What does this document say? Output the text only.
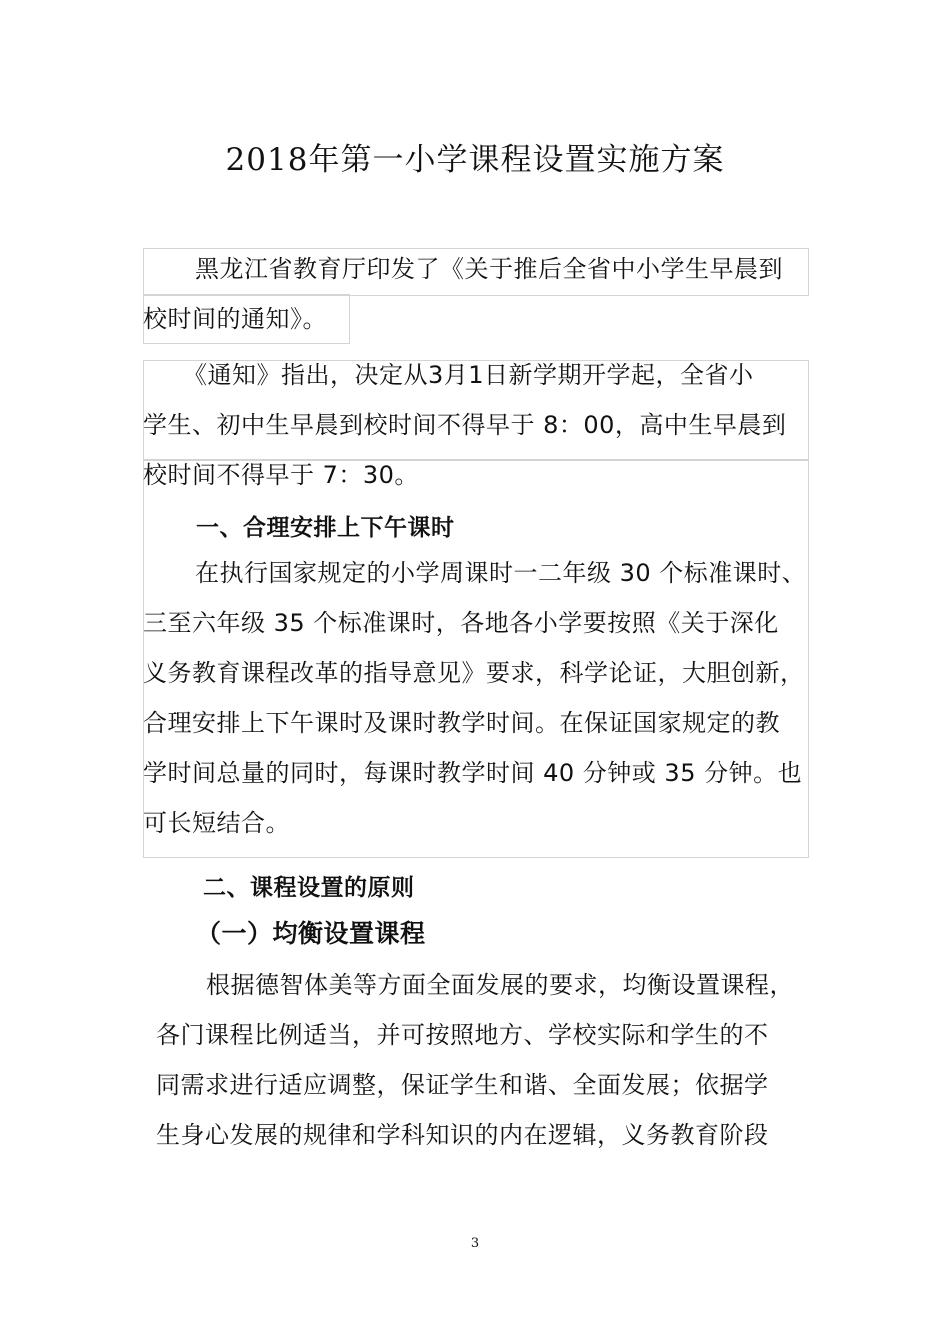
2018年第一小学课程设置实施方案
黑龙江省教育厅印发了《关于推后全省中小学生早晨到
校时间的通知》。
《通知》指出，决定从3月1日新学期开学起，全省小
学生、初中生早晨到校时间不得早于 8：00，高中生早晨到
校时间不得早于 7：30。
一、合理安排上下午课时
在执行国家规定的小学周课时一二年级 30 个标准课时、
三至六年级 35 个标准课时，各地各小学要按照《关于深化
义务教育课程改革的指导意见》要求，科学论证，大胆创新，
合理安排上下午课时及课时教学时间。在保证国家规定的教
学时间总量的同时，每课时教学时间 40 分钟或 35 分钟。也
可长短结合。
二、课程设置的原则
（一）均衡设置课程
根据德智体美等方面全面发展的要求，均衡设置课程，
各门课程比例适当，并可按照地方、学校实际和学生的不
同需求进行适应调整，保证学生和谐、全面发展；依据学
生身心发展的规律和学科知识的内在逻辑，义务教育阶段
3
